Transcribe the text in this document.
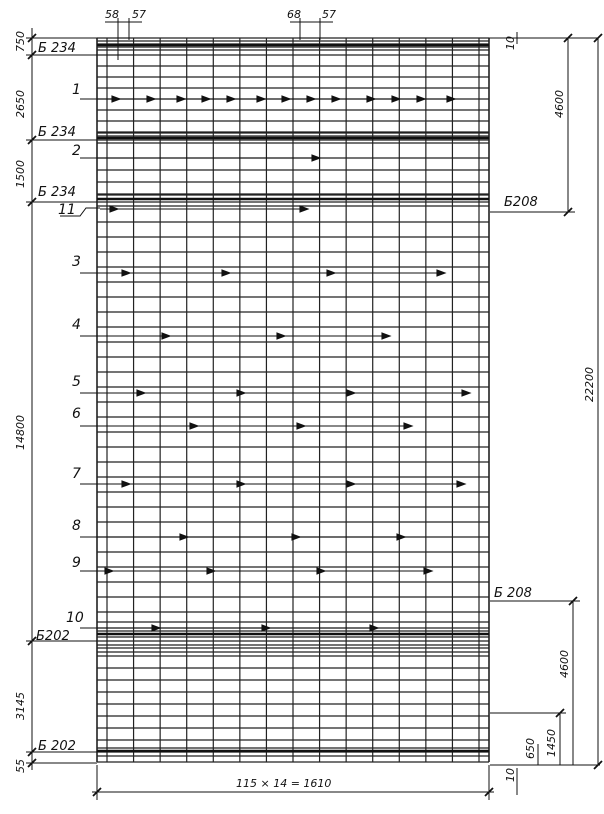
58 57	68 57
750
2650
1500
14800
3145
55
10
4600
22200
4600
1450
650
10
115 × 14 = 1610
Б 234
Б 234
Б 234
Б208
Б 208
Б202
Б 202
1
2
11
3
4
5
6
7
8
9
10
